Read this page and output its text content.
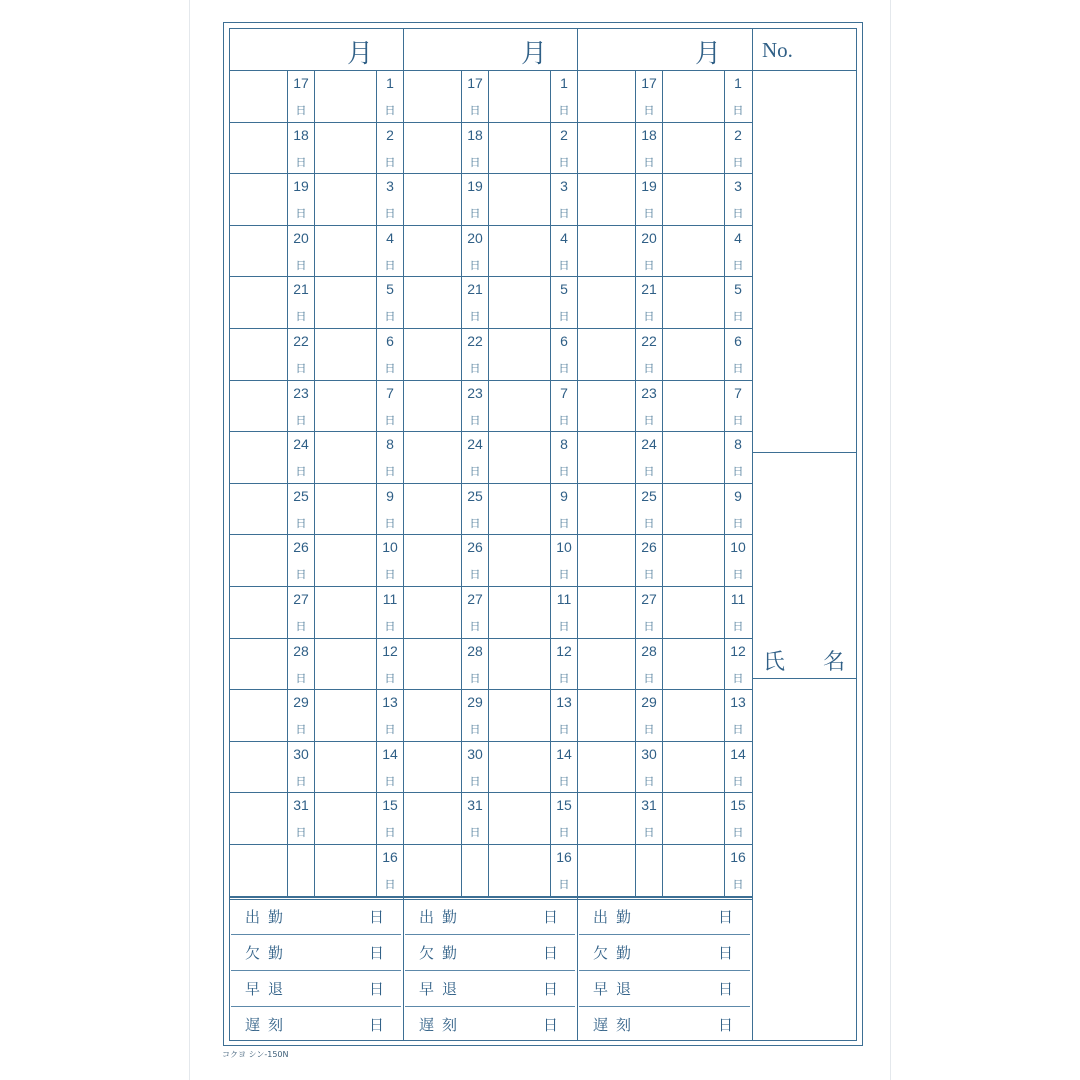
月
17	1
日	日
18	2
日	日
19	3
日	日
20	4
日	日
21	5
日	日
22	6
日	日
23	7
日	日
24	8
日	日
25	9
日	日
26	10
日	日
27	11
日	日
28	12
日	日
29	13
日	日
30	14
日	日
31	15
日	日
16
日
出勤	日
欠勤	日
早退	日
遅刻	日
月
17	1
日	日
18	2
日	日
19	3
日	日
20	4
日	日
21	5
日	日
22	6
日	日
23	7
日	日
24	8
日	日
25	9
日	日
26	10
日	日
27	11
日	日
28	12
日	日
29	13
日	日
30	14
日	日
31	15
日	日
16
日
出勤	日
欠勤	日
早退	日
遅刻	日
月
17	1
日	日
18	2
日	日
19	3
日	日
20	4
日	日
21	5
日	日
22	6
日	日
23	7
日	日
24	8
日	日
25	9
日	日
26	10
日	日
27	11
日	日
28	12
日	日
29	13
日	日
30	14
日	日
31	15
日	日
16
日
出勤	日
欠勤	日
早退	日
遅刻	日
No.
氏 名
コクヨ シン-150N
